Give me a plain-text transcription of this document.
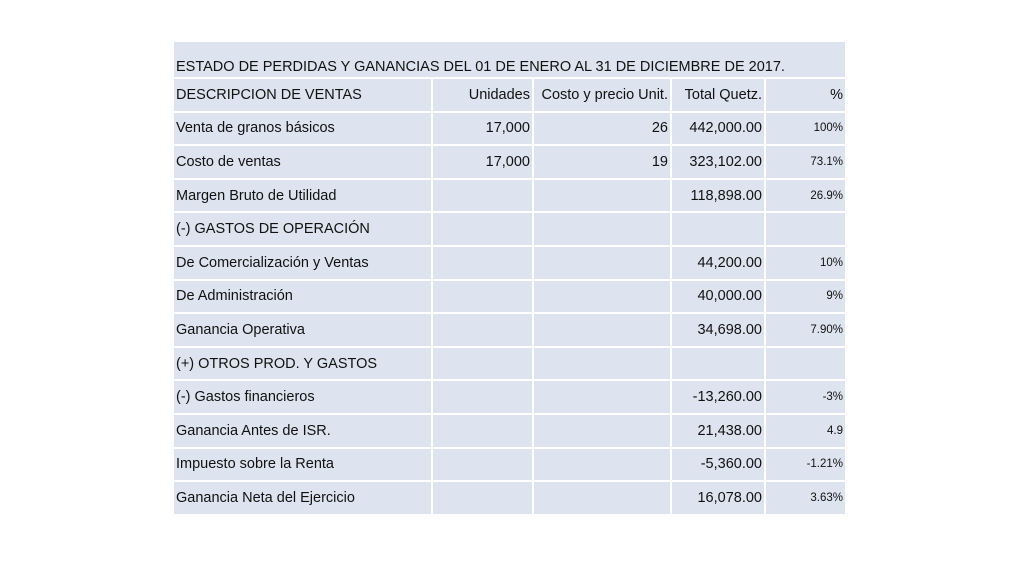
ESTADO DE PERDIDAS Y GANANCIAS DEL 01 DE ENERO AL 31 DE DICIEMBRE DE 2017.				
DESCRIPCION DE VENTAS	Unidades	Costo y precio Unit.	Total Quetz.	%
Venta de granos básicos	17,000	26	442,000.00	100%
Costo de ventas	17,000	19	323,102.00	73.1%
Margen Bruto de Utilidad			118,898.00	26.9%
(-) GASTOS DE OPERACIÓN				
De Comercialización y Ventas			44,200.00	10%
De Administración			40,000.00	9%
Ganancia Operativa			34,698.00	7.90%
(+) OTROS PROD. Y GASTOS				
(-) Gastos financieros			-13,260.00	-3%
Ganancia Antes de ISR.			21,438.00	4.9
Impuesto sobre la Renta			-5,360.00	-1.21%
Ganancia Neta del Ejercicio			16,078.00	3.63%
